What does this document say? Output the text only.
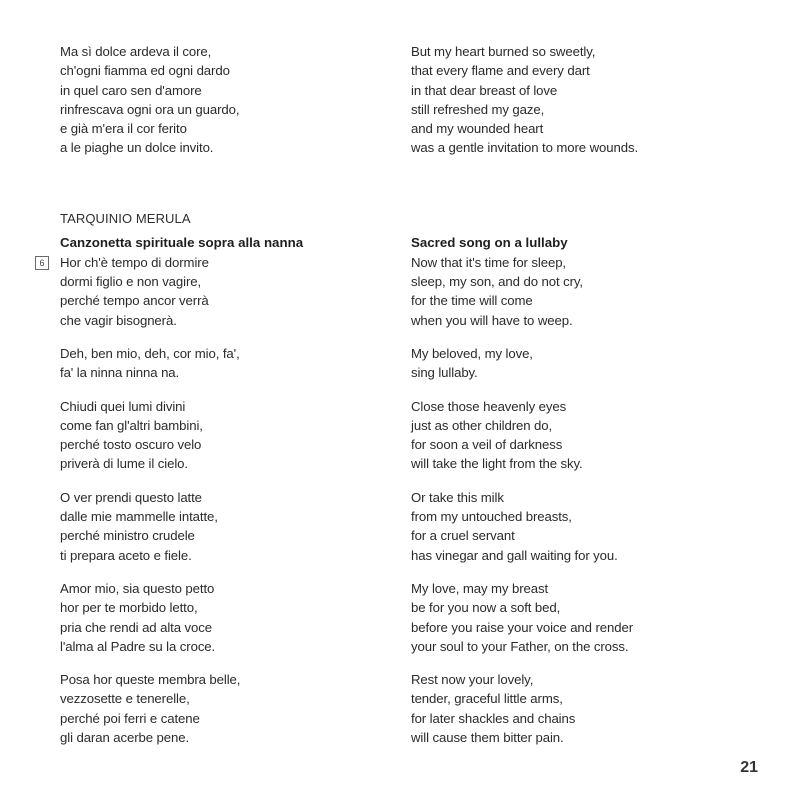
6
Ma sì dolce ardeva il core,
ch'ogni fiamma ed ogni dardo
in quel caro sen d'amore
rinfrescava ogni ora un guardo,
e già m'era il cor ferito
a le piaghe un dolce invito.
TARQUINIO MERULA
Canzonetta spirituale sopra alla nanna
Hor ch'è tempo di dormire
dormi figlio e non vagire,
perché tempo ancor verrà
che vagir bisognerà.
Deh, ben mio, deh, cor mio, fa',
fa' la ninna ninna na.
Chiudi quei lumi divini
come fan gl'altri bambini,
perché tosto oscuro velo
priverà di lume il cielo.
O ver prendi questo latte
dalle mie mammelle intatte,
perché ministro crudele
ti prepara aceto e fiele.
Amor mio, sia questo petto
hor per te morbido letto,
pria che rendi ad alta voce
l'alma al Padre su la croce.
Posa hor queste membra belle,
vezzosette e tenerelle,
perché poi ferri e catene
gli daran acerbe pene.
But my heart burned so sweetly,
that every flame and every dart
in that dear breast of love
still refreshed my gaze,
and my wounded heart
was a gentle invitation to more wounds.
Sacred song on a lullaby
Now that it's time for sleep,
sleep, my son, and do not cry,
for the time will come
when you will have to weep.
My beloved, my love,
sing lullaby.
Close those heavenly eyes
just as other children do,
for soon a veil of darkness
will take the light from the sky.
Or take this milk
from my untouched breasts,
for a cruel servant
has vinegar and gall waiting for you.
My love, may my breast
be for you now a soft bed,
before you raise your voice and render
your soul to your Father, on the cross.
Rest now your lovely,
tender, graceful little arms,
for later shackles and chains
will cause them bitter pain.
21
